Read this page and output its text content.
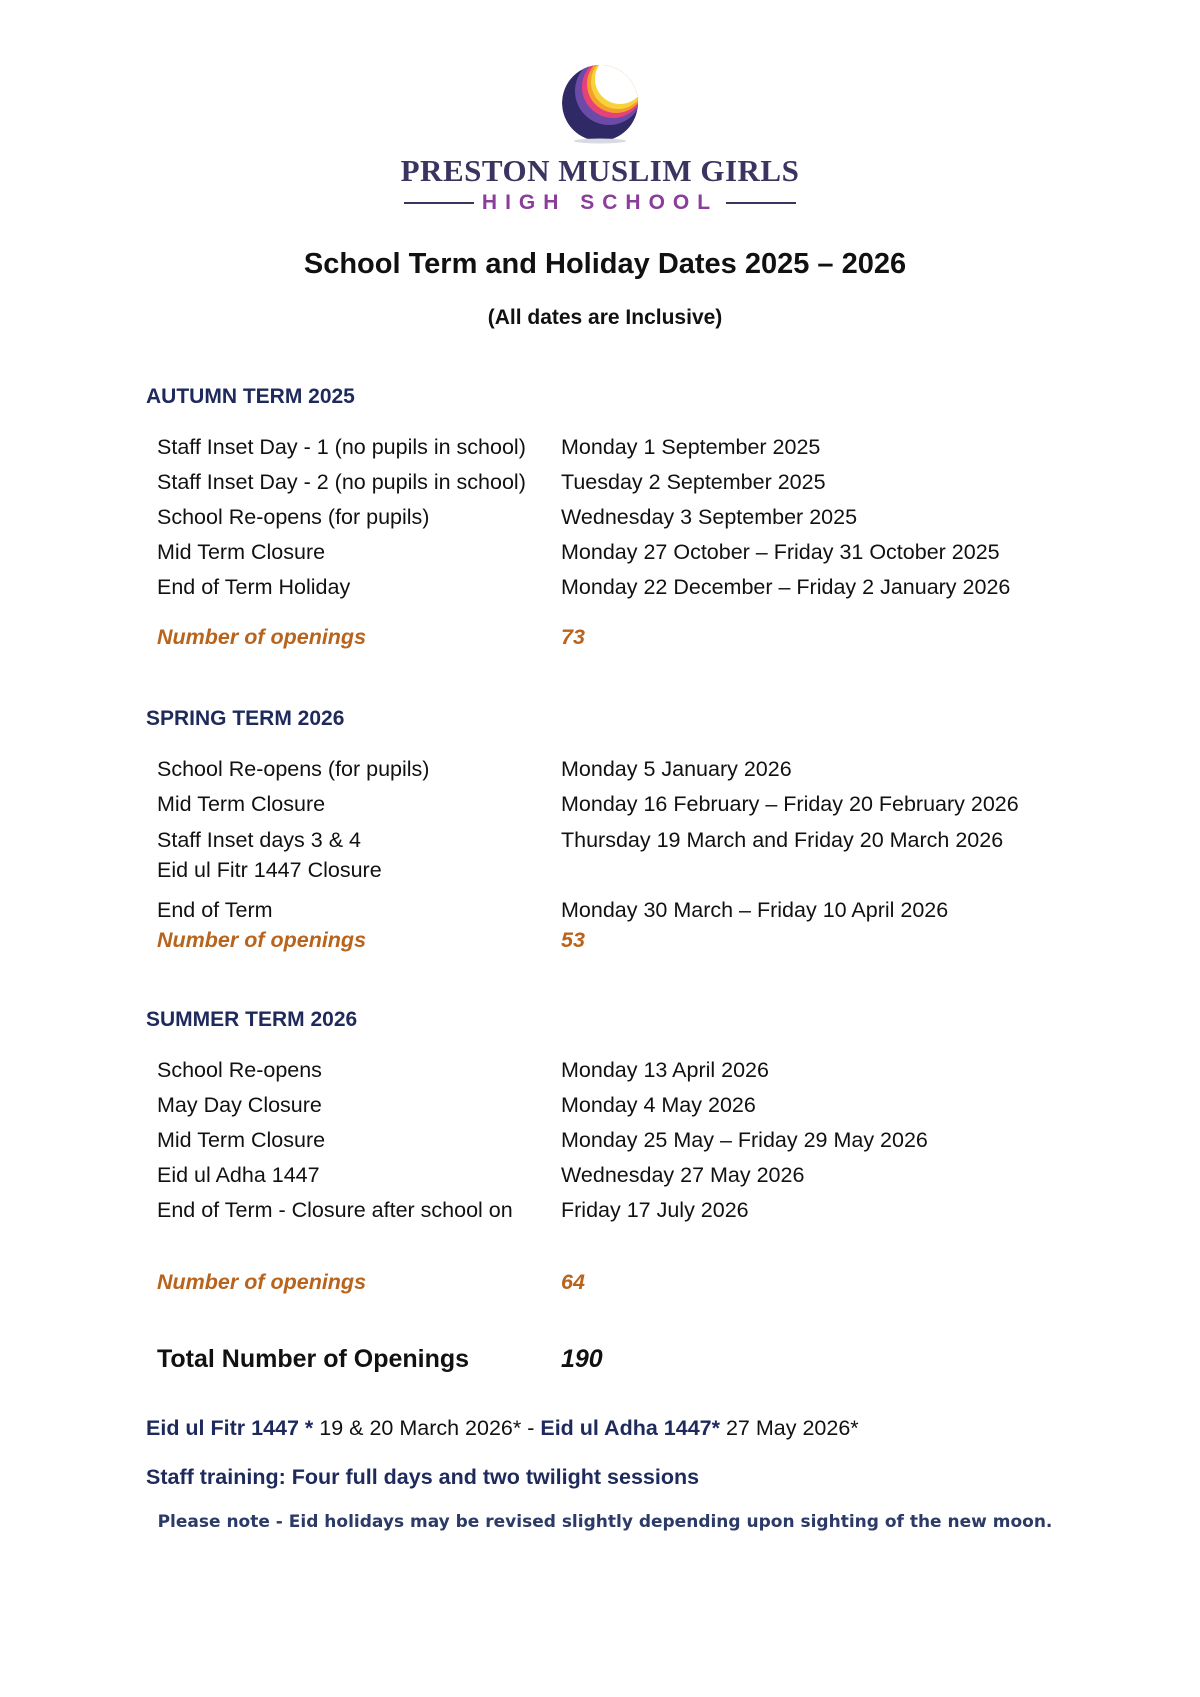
PRESTON MUSLIM GIRLS
HIGH SCHOOL
School Term and Holiday Dates 2025 – 2026
(All dates are Inclusive)
AUTUMN TERM 2025
Staff Inset Day - 1 (no pupils in school) Monday 1 September 2025
Staff Inset Day - 2 (no pupils in school) Tuesday 2 September 2025
School Re-opens (for pupils)	Wednesday 3 September 2025
Mid Term Closure	Monday 27 October – Friday 31 October 2025
End of Term Holiday	Monday 22 December – Friday 2 January 2026
Number of openings	73
SPRING TERM 2026
School Re-opens (for pupils)	Monday 5 January 2026
Mid Term Closure	Monday 16 February – Friday 20 February 2026
Staff Inset days 3 & 4	Thursday 19 March and Friday 20 March 2026
Eid ul Fitr 1447 Closure
End of Term	Monday 30 March – Friday 10 April 2026
Number of openings	53
SUMMER TERM 2026
School Re-opens	Monday 13 April 2026
May Day Closure	Monday 4 May 2026
Mid Term Closure	Monday 25 May – Friday 29 May 2026
Eid ul Adha 1447	Wednesday 27 May 2026
End of Term - Closure after school on Friday 17 July 2026
Number of openings	64
Total Number of Openings	190
Eid ul Fitr 1447 * 19 & 20 March 2026* - Eid ul Adha 1447* 27 May 2026*
Staff training: Four full days and two twilight sessions
Please note - Eid holidays may be revised slightly depending upon sighting of the new moon.
